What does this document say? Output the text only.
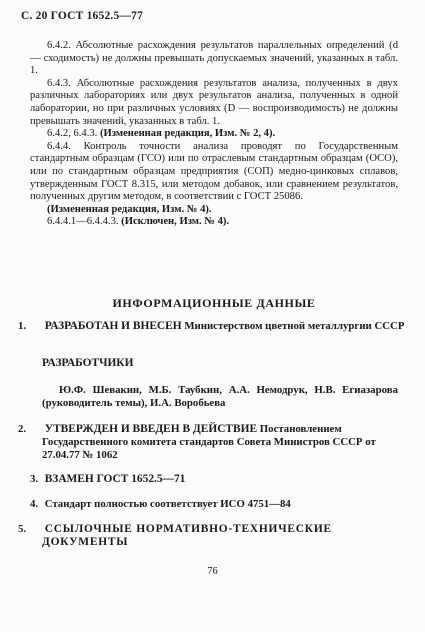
С. 20 ГОСТ 1652.5—77

6.4.2. Абсолютные расхождения результатов параллельных определений (d — сходимость) не должны превышать допускаемых значений, указанных в табл. 1.

6.4.3. Абсолютные расхождения результатов анализа, полученных в двух различных лабораториях или двух результатов анализа, полученных в одной лаборатории, но при различных условиях (D — воспроизводимость) не должны превышать значений, указанных в табл. 1.

6.4.2, 6.4.3. (Измененная редакция, Изм. № 2, 4).

6.4.4. Контроль точности анализа проводят по Государственным стандартным образцам (ГСО) или по отраслевым стандартным образцам (ОСО), или по стандартным образцам предприятия (СОП) медно-цинковых сплавов, утвержденным ГОСТ 8.315, или методом добавок, или сравнением результатов, полученных другим методом, в соответствии с ГОСТ 25086.

(Измененная редакция, Изм. № 4).

6.4.4.1—6.4.4.3. (Исключен, Изм. № 4).

ИНФОРМАЦИОННЫЕ ДАННЫЕ
1. РАЗРАБОТАН И ВНЕСЕН Министерством цветной металлургии СССР
РАЗРАБОТЧИКИ
Ю.Ф. Шевакин, М.Б. Таубкин, А.А. Немодрук, Н.В. Егиазарова (руководитель темы), И.А. Воробьева
2. УТВЕРЖДЕН И ВВЕДЕН В ДЕЙСТВИЕ Постановлением Государственного комитета стандартов Совета Министров СССР от 27.04.77 № 1062
3. ВЗАМЕН ГОСТ 1652.5—71
4. Стандарт полностью соответствует ИСО 4751—84
5. ССЫЛОЧНЫЕ НОРМАТИВНО-ТЕХНИЧЕСКИЕ ДОКУМЕНТЫ
76
